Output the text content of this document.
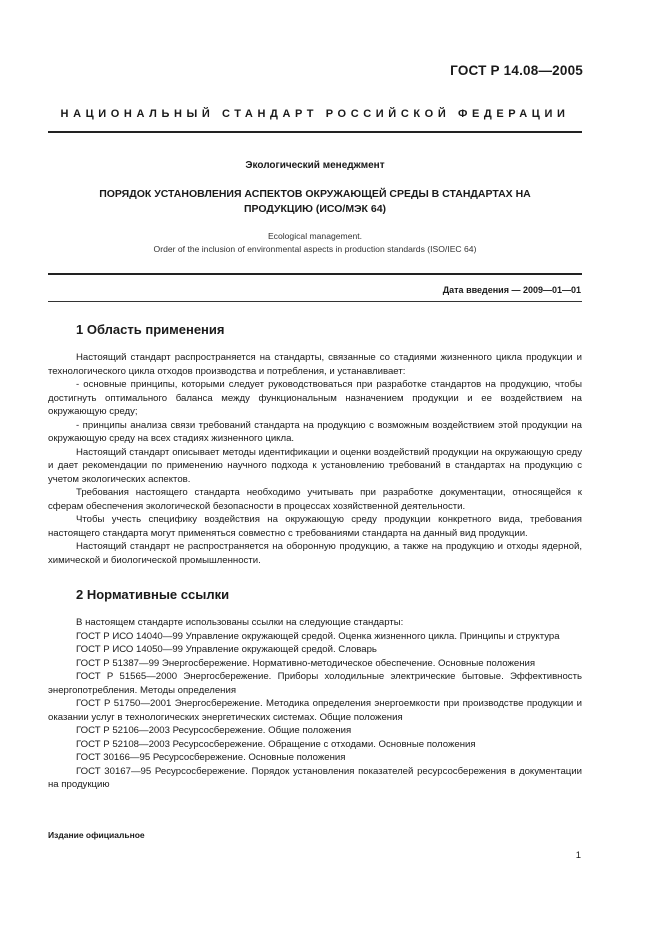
ГОСТ Р 14.08—2005
НАЦИОНАЛЬНЫЙ СТАНДАРТ РОССИЙСКОЙ ФЕДЕРАЦИИ
Экологический менеджмент
ПОРЯДОК УСТАНОВЛЕНИЯ АСПЕКТОВ ОКРУЖАЮЩЕЙ СРЕДЫ В СТАНДАРТАХ НА
ПРОДУКЦИЮ (ИСО/МЭК 64)
Ecological management.
Order of the inclusion of environmental aspects in production standards (ISO/IEC 64)
Дата введения — 2009—01—01
1 Область применения

Настоящий стандарт распространяется на стандарты, связанные со стадиями жизненного цикла продукции и технологического цикла отходов производства и потребления, и устанавливает:

- основные принципы, которыми следует руководствоваться при разработке стандартов на продукцию, чтобы достигнуть оптимального баланса между функциональным назначением продукции и ее воздействием на окружающую среду;

- принципы анализа связи требований стандарта на продукцию с возможным воздействием этой продукции на окружающую среду на всех стадиях жизненного цикла.

Настоящий стандарт описывает методы идентификации и оценки воздействий продукции на окружающую среду и дает рекомендации по применению научного подхода к установлению требований в стандартах на продукцию с учетом экологических аспектов.

Требования настоящего стандарта необходимо учитывать при разработке документации, относящейся к сферам обеспечения экологической безопасности в процессах хозяйственной деятельности.

Чтобы учесть специфику воздействия на окружающую среду продукции конкретного вида, требования настоящего стандарта могут применяться совместно с требованиями стандарта на данный вид продукции.

Настоящий стандарт не распространяется на оборонную продукцию, а также на продукцию и отходы ядерной, химической и биологической промышленности.

2 Нормативные ссылки

В настоящем стандарте использованы ссылки на следующие стандарты:

ГОСТ Р ИСО 14040—99 Управление окружающей средой. Оценка жизненного цикла. Принципы и структура

ГОСТ Р ИСО 14050—99 Управление окружающей средой. Словарь

ГОСТ Р 51387—99 Энергосбережение. Нормативно-методическое обеспечение. Основные положения

ГОСТ Р 51565—2000 Энергосбережение. Приборы холодильные электрические бытовые. Эффективность энергопотребления. Методы определения

ГОСТ Р 51750—2001 Энергосбережение. Методика определения энергоемкости при производстве продукции и оказании услуг в технологических энергетических системах. Общие положения

ГОСТ Р 52106—2003 Ресурсосбережение. Общие положения

ГОСТ Р 52108—2003 Ресурсосбережение. Обращение с отходами. Основные положения

ГОСТ 30166—95 Ресурсосбережение. Основные положения

ГОСТ 30167—95 Ресурсосбережение. Порядок установления показателей ресурсосбережения в документации на продукцию

Издание официальное
1
